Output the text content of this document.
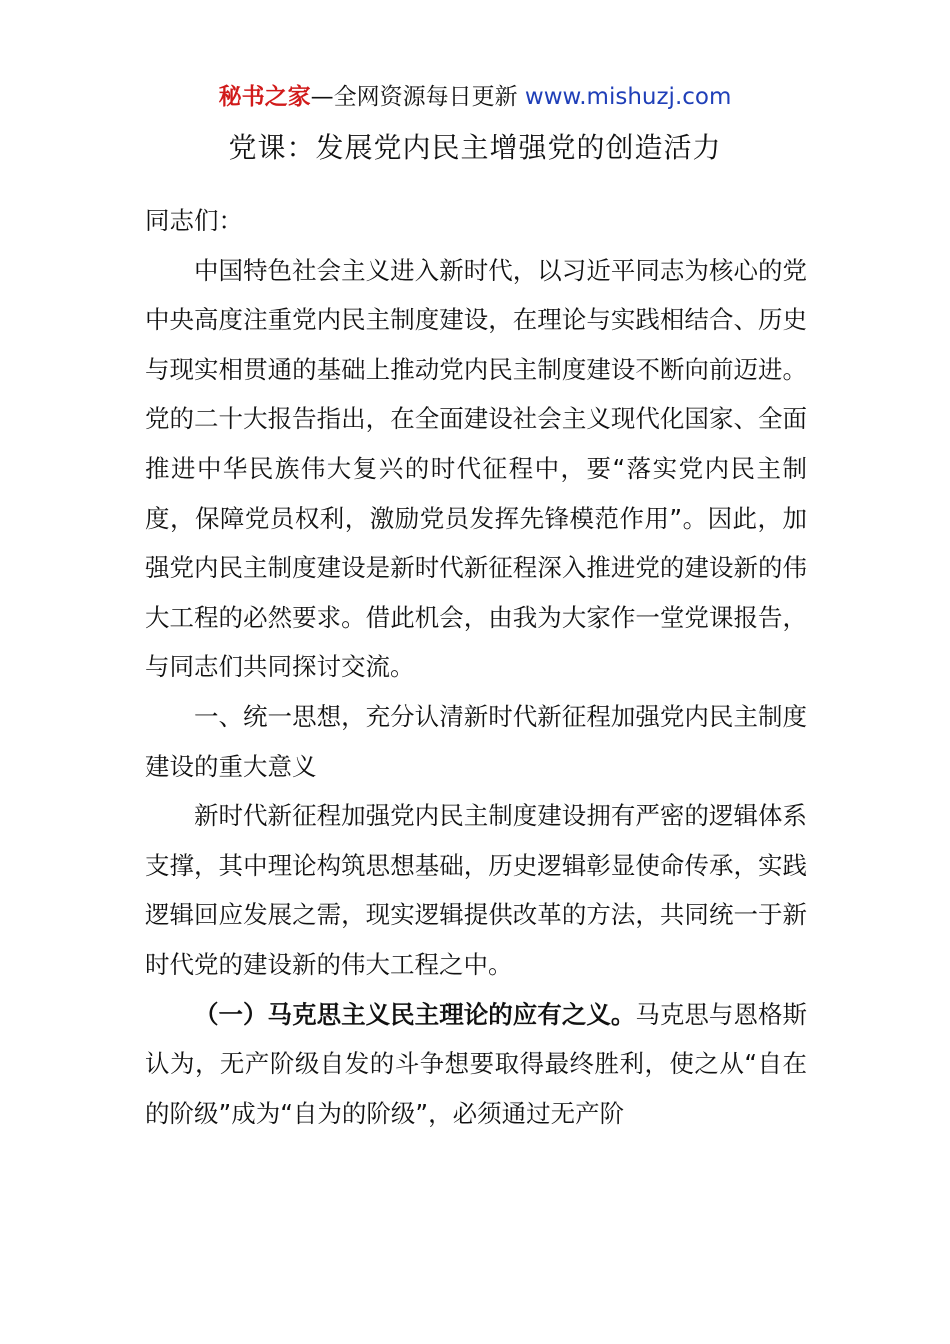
秘书之家—全网资源每日更新 www.mishuzj.com
党课：发展党内民主增强党的创造活力

同志们：

中国特色社会主义进入新时代，以习近平同志为核心的党中央高度注重党内民主制度建设，在理论与实践相结合、历史与现实相贯通的基础上推动党内民主制度建设不断向前迈进。党的二十大报告指出，在全面建设社会主义现代化国家、全面推进中华民族伟大复兴的时代征程中，要“落实党内民主制度，保障党员权利，激励党员发挥先锋模范作用”。因此，加强党内民主制度建设是新时代新征程深入推进党的建设新的伟大工程的必然要求。借此机会，由我为大家作一堂党课报告，与同志们共同探讨交流。

一、统一思想，充分认清新时代新征程加强党内民主制度建设的重大意义

新时代新征程加强党内民主制度建设拥有严密的逻辑体系支撑，其中理论构筑思想基础，历史逻辑彰显使命传承，实践逻辑回应发展之需，现实逻辑提供改革的方法，共同统一于新时代党的建设新的伟大工程之中。

（一）马克思主义民主理论的应有之义。马克思与恩格斯认为，无产阶级自发的斗争想要取得最终胜利，使之从“自在的阶级”成为“自为的阶级”，必须通过无产阶
